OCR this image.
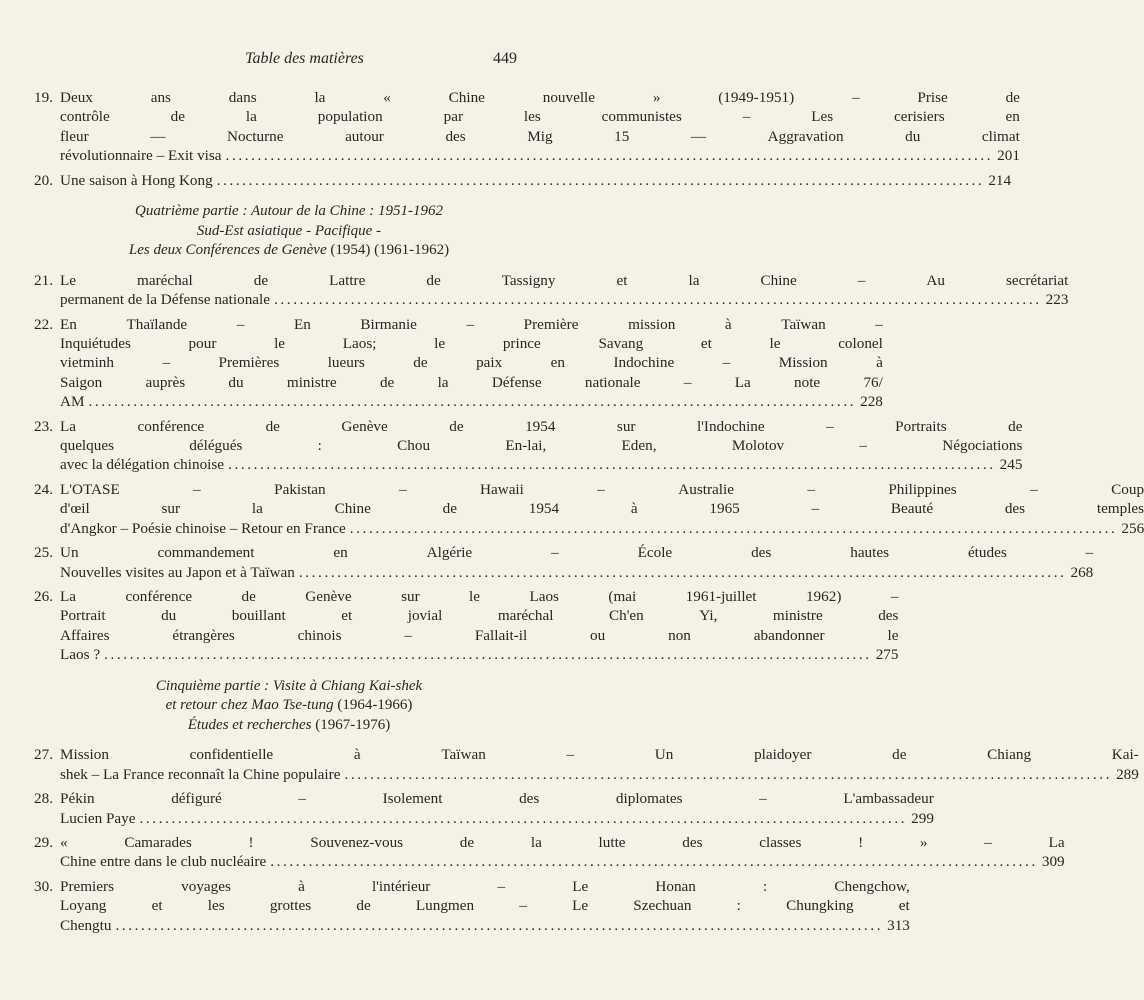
Table des matières	449
19. Deux	ans	dans	la	«	Chine	nouvelle	»	(1949-1951)	–	Prise	de
contrôle	de	la	population	par	les	communistes	–	Les	cerisiers	en
fleur	—	Nocturne	autour	des	Mig	15	—	Aggravation	du	climat
révolutionnaire – Exit visa ........................................................................................................................ 201
20. Une saison à Hong Kong ........................................................................................................................ 214
Quatrième partie : Autour de la Chine : 1951-1962
Sud-Est asiatique - Pacifique -
Les deux Conférences de Genève (1954) (1961-1962)
21. Le	maréchal	de	Lattre	de	Tassigny	et	la	Chine	–	Au	secrétariat
permanent de la Défense nationale ........................................................................................................................ 223
22. En	Thaïlande	–	En	Birmanie	–	Première	mission	à	Taïwan	–
Inquiétudes	pour	le	Laos;	le	prince	Savang	et	le	colonel
vietminh	–	Premières	lueurs	de	paix	en	Indochine	–	Mission	à
Saigon	auprès	du	ministre	de	la	Défense	nationale	–	La	note	76/
AM ........................................................................................................................ 228
23. La	conférence	de	Genève	de	1954	sur	l'Indochine	–	Portraits	de
quelques	délégués	:	Chou	En-lai,	Eden,	Molotov	–	Négociations
avec la délégation chinoise ........................................................................................................................ 245
24. L'OTASE	–	Pakistan	–	Hawaii	–	Australie	–	Philippines	–	Coup
d'œil	sur	la	Chine	de	1954	à	1965	–	Beauté	des	temples
d'Angkor – Poésie chinoise – Retour en France ........................................................................................................................ 256
25. Un	commandement	en	Algérie	–	École	des	hautes	études	–
Nouvelles visites au Japon et à Taïwan ........................................................................................................................ 268
26. La	conférence	de	Genève	sur	le	Laos	(mai	1961-juillet	1962)	–
Portrait	du	bouillant	et	jovial	maréchal	Ch'en	Yi,	ministre	des
Affaires	étrangères	chinois	–	Fallait-il	ou	non	abandonner	le
Laos ? ........................................................................................................................ 275
Cinquième partie : Visite à Chiang Kai-shek
et retour chez Mao Tse-tung (1964-1966)
Études et recherches (1967-1976)
27. Mission	confidentielle	à	Taïwan	–	Un	plaidoyer	de	Chiang	Kai-
shek – La France reconnaît la Chine populaire ........................................................................................................................ 289
28. Pékin	défiguré	–	Isolement	des	diplomates	–	L'ambassadeur
Lucien Paye ........................................................................................................................ 299
29. «	Camarades	!	Souvenez-vous	de	la	lutte	des	classes	!	»	–	La
Chine entre dans le club nucléaire ........................................................................................................................ 309
30. Premiers	voyages	à	l'intérieur	–	Le	Honan	:	Chengchow,
Loyang	et	les	grottes	de	Lungmen	–	Le	Szechuan	:	Chungking	et
Chengtu ........................................................................................................................ 313
